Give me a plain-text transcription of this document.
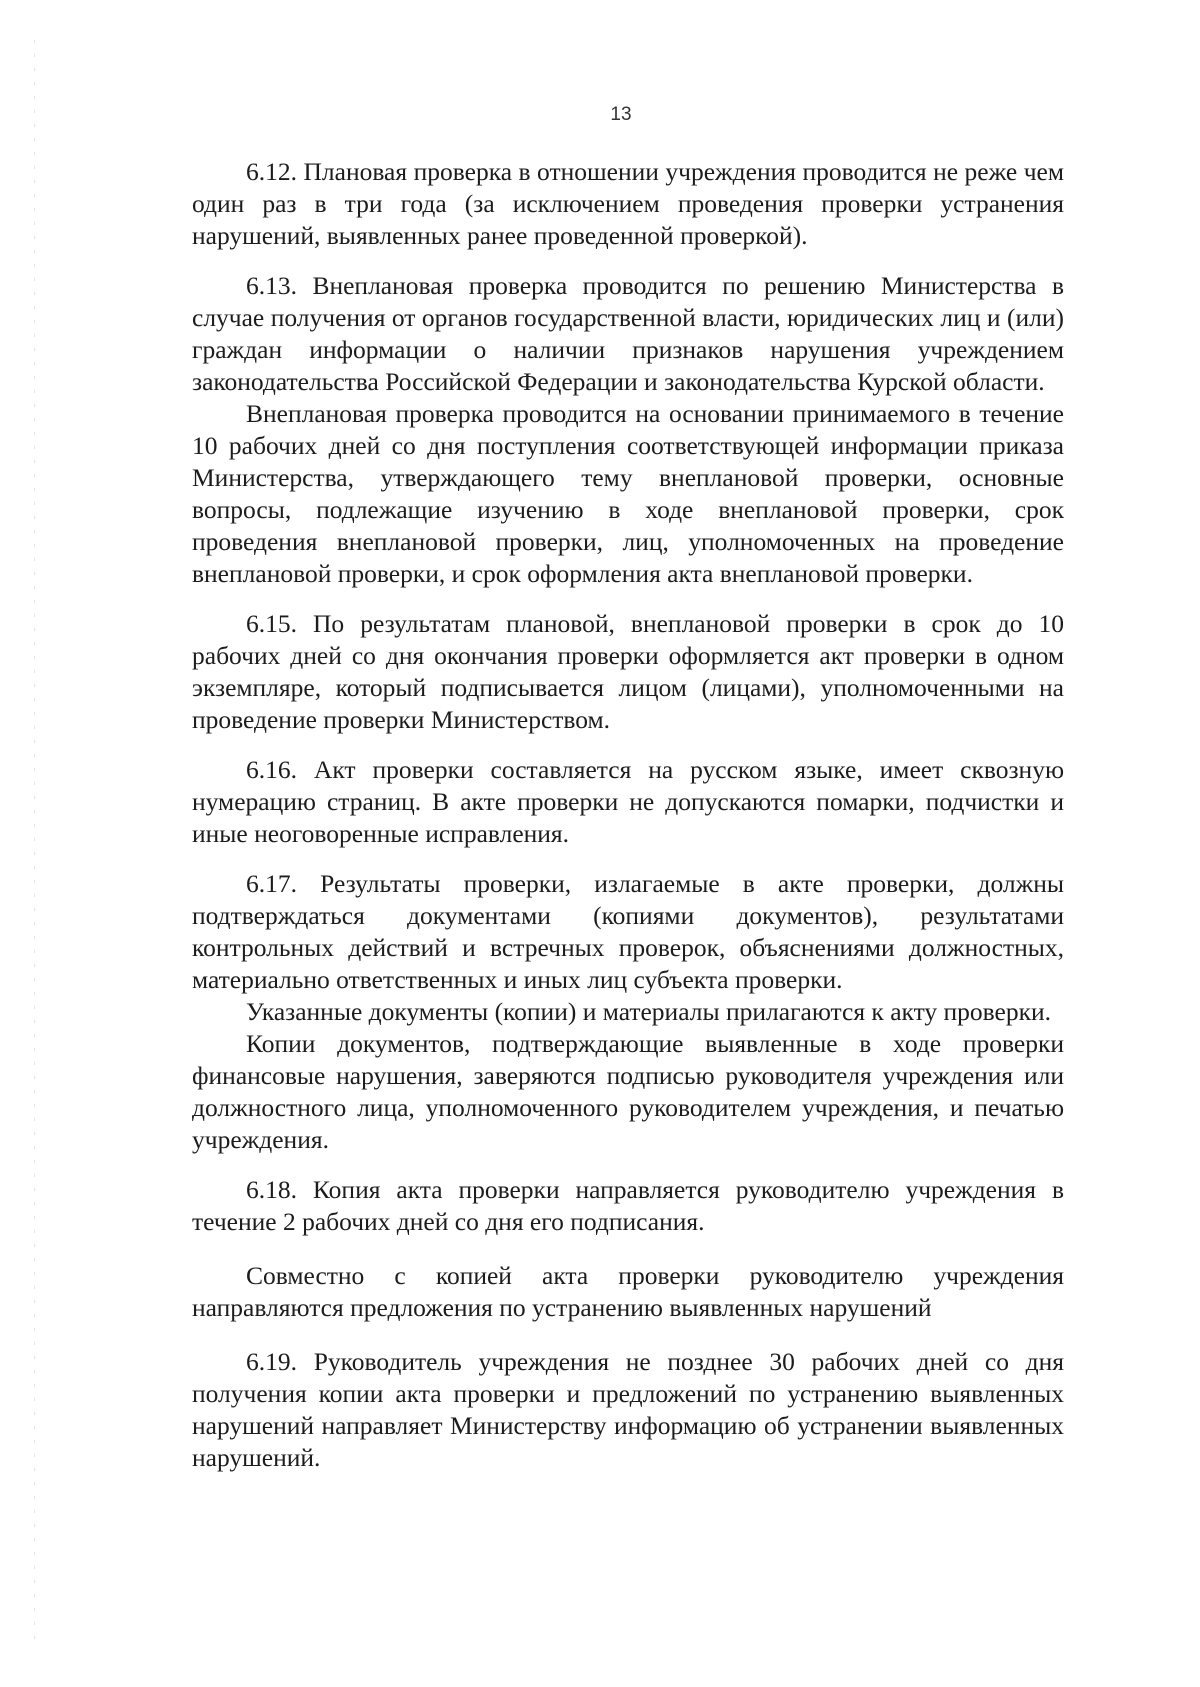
13

6.12. Плановая проверка в отношении учреждения проводится не реже чем один раз в три года (за исключением проведения проверки устранения нарушений, выявленных ранее проведенной проверкой).

6.13. Внеплановая проверка проводится по решению Министерства в случае получения от органов государственной власти, юридических лиц и (или) граждан информации о наличии признаков нарушения учреждением законодательства Российской Федерации и законодательства Курской области.

Внеплановая проверка проводится на основании принимаемого в течение 10 рабочих дней со дня поступления соответствующей информации приказа Министерства, утверждающего тему внеплановой проверки, основные вопросы, подлежащие изучению в ходе внеплановой проверки, срок проведения внеплановой проверки, лиц, уполномоченных на проведение внеплановой проверки, и срок оформления акта внеплановой проверки.

6.15. По результатам плановой, внеплановой проверки в срок до 10 рабочих дней со дня окончания проверки оформляется акт проверки в одном экземпляре, который подписывается лицом (лицами), уполномоченными на проведение проверки Министерством.

6.16. Акт проверки составляется на русском языке, имеет сквозную нумерацию страниц. В акте проверки не допускаются помарки, подчистки и иные неоговоренные исправления.

6.17. Результаты проверки, излагаемые в акте проверки, должны подтверждаться документами (копиями документов), результатами контрольных действий и встречных проверок, объяснениями должностных, материально ответственных и иных лиц субъекта проверки.

Указанные документы (копии) и материалы прилагаются к акту проверки.

Копии документов, подтверждающие выявленные в ходе проверки финансовые нарушения, заверяются подписью руководителя учреждения или должностного лица, уполномоченного руководителем учреждения, и печатью учреждения.

6.18. Копия акта проверки направляется руководителю учреждения в течение 2 рабочих дней со дня его подписания.

Совместно с копией акта проверки руководителю учреждения направляются предложения по устранению выявленных нарушений

6.19. Руководитель учреждения не позднее 30 рабочих дней со дня получения копии акта проверки и предложений по устранению выявленных нарушений направляет Министерству информацию об устранении выявленных нарушений.
